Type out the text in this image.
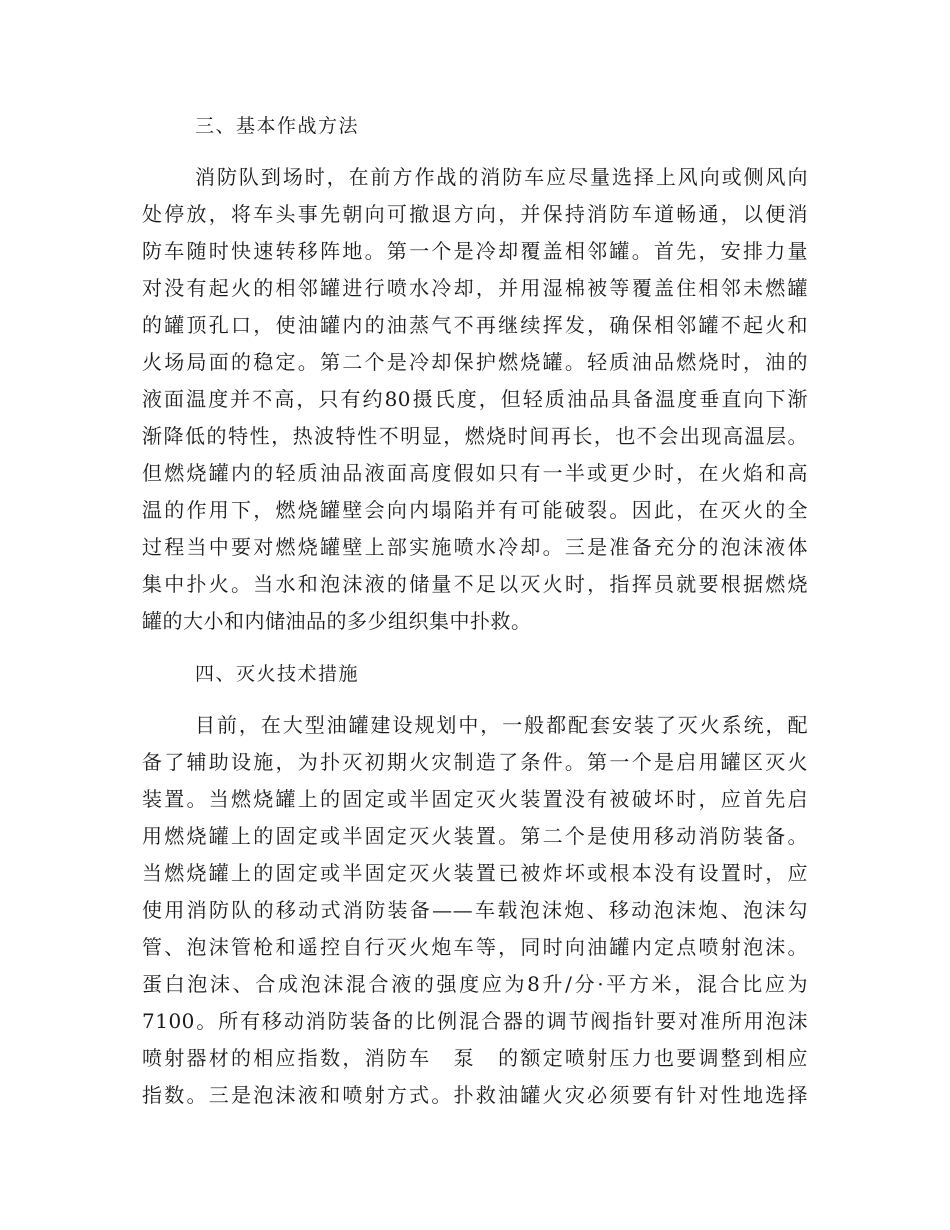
三、基本作战方法
消防队到场时，在前方作战的消防车应尽量选择上风向或侧风向
处停放，将车头事先朝向可撤退方向，并保持消防车道畅通，以便消
防车随时快速转移阵地。第一个是冷却覆盖相邻罐。首先，安排力量
对没有起火的相邻罐进行喷水冷却，并用湿棉被等覆盖住相邻未燃罐
的罐顶孔口，使油罐内的油蒸气不再继续挥发，确保相邻罐不起火和
火场局面的稳定。第二个是冷却保护燃烧罐。轻质油品燃烧时，油的
液面温度并不高，只有约80摄氏度，但轻质油品具备温度垂直向下渐
渐降低的特性，热波特性不明显，燃烧时间再长，也不会出现高温层。
但燃烧罐内的轻质油品液面高度假如只有一半或更少时，在火焰和高
温的作用下，燃烧罐壁会向内塌陷并有可能破裂。因此，在灭火的全
过程当中要对燃烧罐壁上部实施喷水冷却。三是准备充分的泡沫液体
集中扑火。当水和泡沫液的储量不足以灭火时，指挥员就要根据燃烧
罐的大小和内储油品的多少组织集中扑救。
四、灭火技术措施
目前，在大型油罐建设规划中，一般都配套安装了灭火系统，配
备了辅助设施，为扑灭初期火灾制造了条件。第一个是启用罐区灭火
装置。当燃烧罐上的固定或半固定灭火装置没有被破坏时，应首先启
用燃烧罐上的固定或半固定灭火装置。第二个是使用移动消防装备。
当燃烧罐上的固定或半固定灭火装置已被炸坏或根本没有设置时，应
使用消防队的移动式消防装备——车载泡沫炮、移动泡沫炮、泡沫勾
管、泡沫管枪和遥控自行灭火炮车等，同时向油罐内定点喷射泡沫。
蛋白泡沫、合成泡沫混合液的强度应为8升/分·平方米，混合比应为
7100。所有移动消防装备的比例混合器的调节阀指针要对准所用泡沫
喷射器材的相应指数，消防车　泵　的额定喷射压力也要调整到相应
指数。三是泡沫液和喷射方式。扑救油罐火灾必须要有针对性地选择
